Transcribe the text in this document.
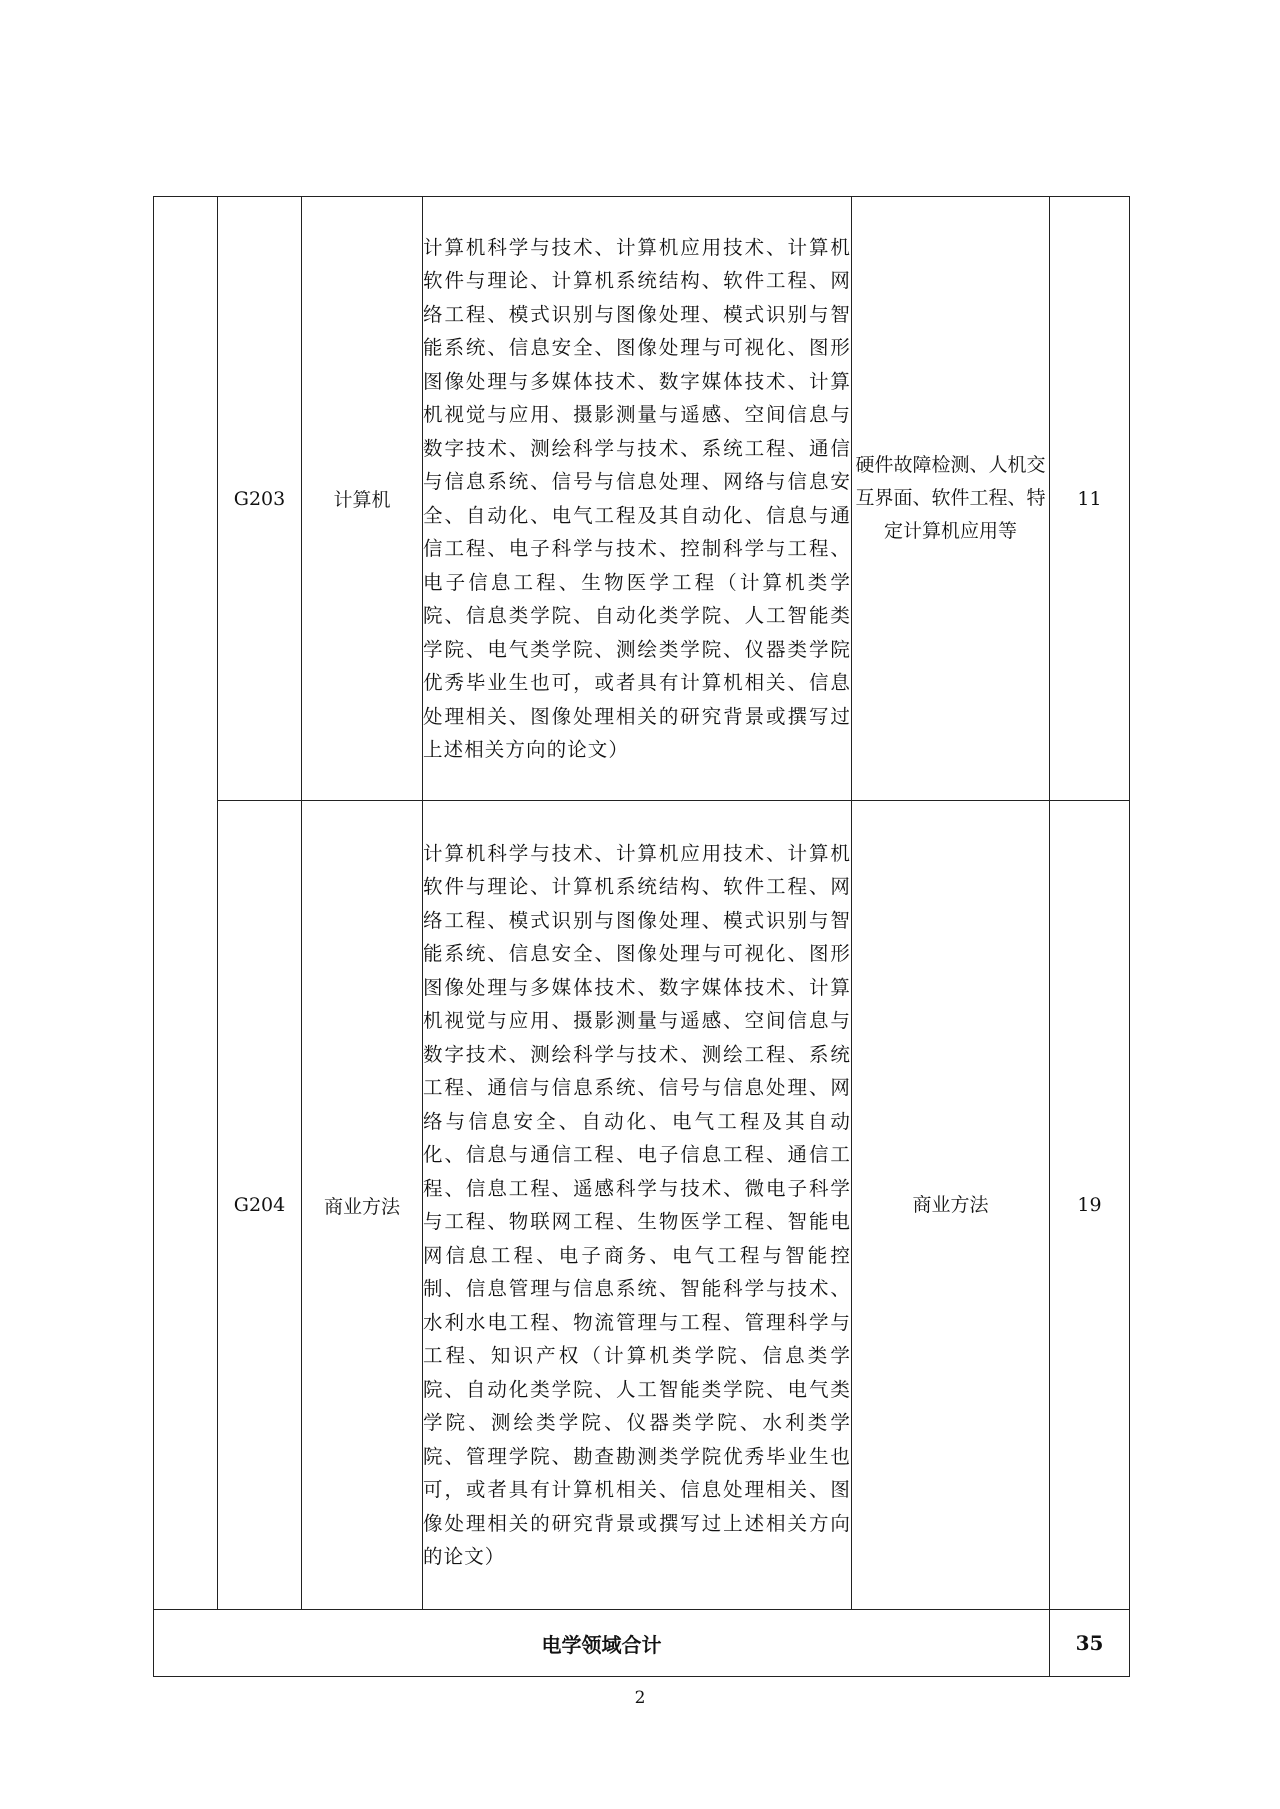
	G203	计算机	计算机科学与技术、计算机应用技术、计算机软件与理论、计算机系统结构、软件工程、网络工程、模式识别与图像处理、模式识别与智能系统、信息安全、图像处理与可视化、图形图像处理与多媒体技术、数字媒体技术、计算机视觉与应用、摄影测量与遥感、空间信息与数字技术、测绘科学与技术、系统工程、通信与信息系统、信号与信息处理、网络与信息安全、自动化、电气工程及其自动化、信息与通信工程、电子科学与技术、控制科学与工程、电子信息工程、生物医学工程（计算机类学院、信息类学院、自动化类学院、人工智能类学院、电气类学院、测绘类学院、仪器类学院优秀毕业生也可，或者具有计算机相关、信息处理相关、图像处理相关的研究背景或撰写过上述相关方向的论文）	硬件故障检测、人机交互界面、软件工程、特定计算机应用等	11
	G204	商业方法	计算机科学与技术、计算机应用技术、计算机软件与理论、计算机系统结构、软件工程、网络工程、模式识别与图像处理、模式识别与智能系统、信息安全、图像处理与可视化、图形图像处理与多媒体技术、数字媒体技术、计算机视觉与应用、摄影测量与遥感、空间信息与数字技术、测绘科学与技术、测绘工程、系统工程、通信与信息系统、信号与信息处理、网络与信息安全、自动化、电气工程及其自动化、信息与通信工程、电子信息工程、通信工程、信息工程、遥感科学与技术、微电子科学与工程、物联网工程、生物医学工程、智能电网信息工程、电子商务、电气工程与智能控制、信息管理与信息系统、智能科学与技术、水利水电工程、物流管理与工程、管理科学与工程、知识产权（计算机类学院、信息类学院、自动化类学院、人工智能类学院、电气类学院、测绘类学院、仪器类学院、水利类学院、管理学院、勘查勘测类学院优秀毕业生也可，或者具有计算机相关、信息处理相关、图像处理相关的研究背景或撰写过上述相关方向的论文）	商业方法	19
电学领域合计					35
2
